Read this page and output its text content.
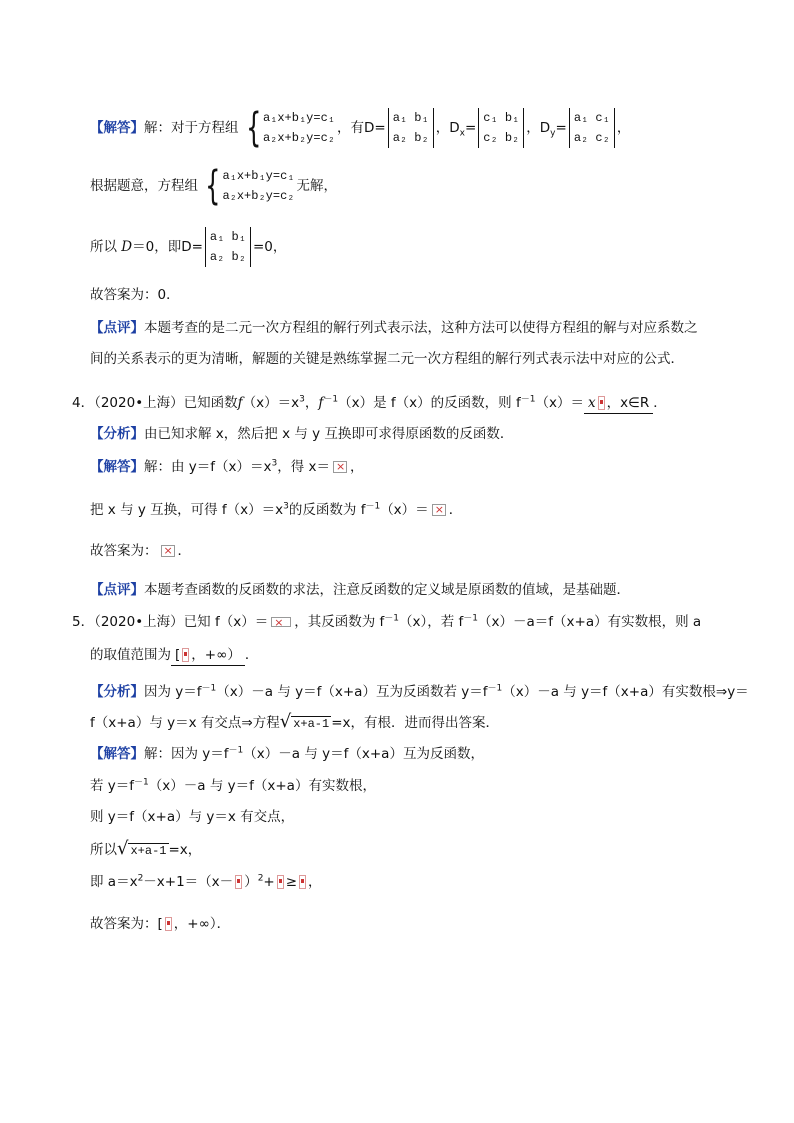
【解答】解：对于方程组 { a₁x+b₁y=c₁
a₂x+b₂y=c₂
，有D=
a₁ b₁
a₂ b₂
，$D_x=$
c₁ b₁
c₂ b₂
，$D_y=$
a₁ c₁
a₂ c₂
，
根据题意，方程组 { a₁x+b₁y=c₁
a₂x+b₂y=c₂
无解，
所以 D＝0，即D=
a₁ b₁
a₂ b₂
=0，
故答案为：0．
【点评】本题考查的是二元一次方程组的解行列式表示法，这种方法可以使得方程组的解与对应系数之
间的关系表示的更为清晰，解题的关键是熟练掌握二元一次方程组的解行列式表示法中对应的公式．
4．（2020•上海）已知函数$f(x)=x^3$，$f^{-1}(x)$是 f（x）的反函数，则 $f^{-1}(x)= x$ ，x∈R ．
【分析】由已知求解 x，然后把 x 与 y 互换即可求得原函数的反函数．
【解答】解：由 $y=f(x)=x^3$，得 x＝× ，
把 x 与 y 互换，可得 $f(x)=x^3$的反函数为 $f^{-1}(x)=\times$ ．
故答案为：× ．
【点评】本题考查函数的反函数的求法，注意反函数的定义域是原函数的值域，是基础题．
5．（2020•上海）已知 f（x）＝× ，其反函数为 $f^{-1}(x)$，若 $f^{-1}(x)-a=f(x+a)$有实数根，则 a
的取值范围为 [ ，+∞） ．
【分析】因为 $y=f^{-1}(x)-a$ 与 y＝f（x+a）互为反函数若 $y=f^{-1}(x)-a$ 与 y＝f（x+a）有实数根⇒y＝
f（x+a）与 y＝x 有交点⇒方程√ x+a-1 =x，有根．进而得出答案．
【解答】解：因为 $y=f^{-1}(x)-a$ 与 y＝f（x+a）互为反函数，
若 $y=f^{-1}(x)-a$ 与 y＝f（x+a）有实数根，
则 y＝f（x+a）与 y＝x 有交点，
所以√ x+a-1 =x，
即 $a=x^2-x+1=(x- )^2+$ ≥ ，
故答案为：[ ，+∞）．
